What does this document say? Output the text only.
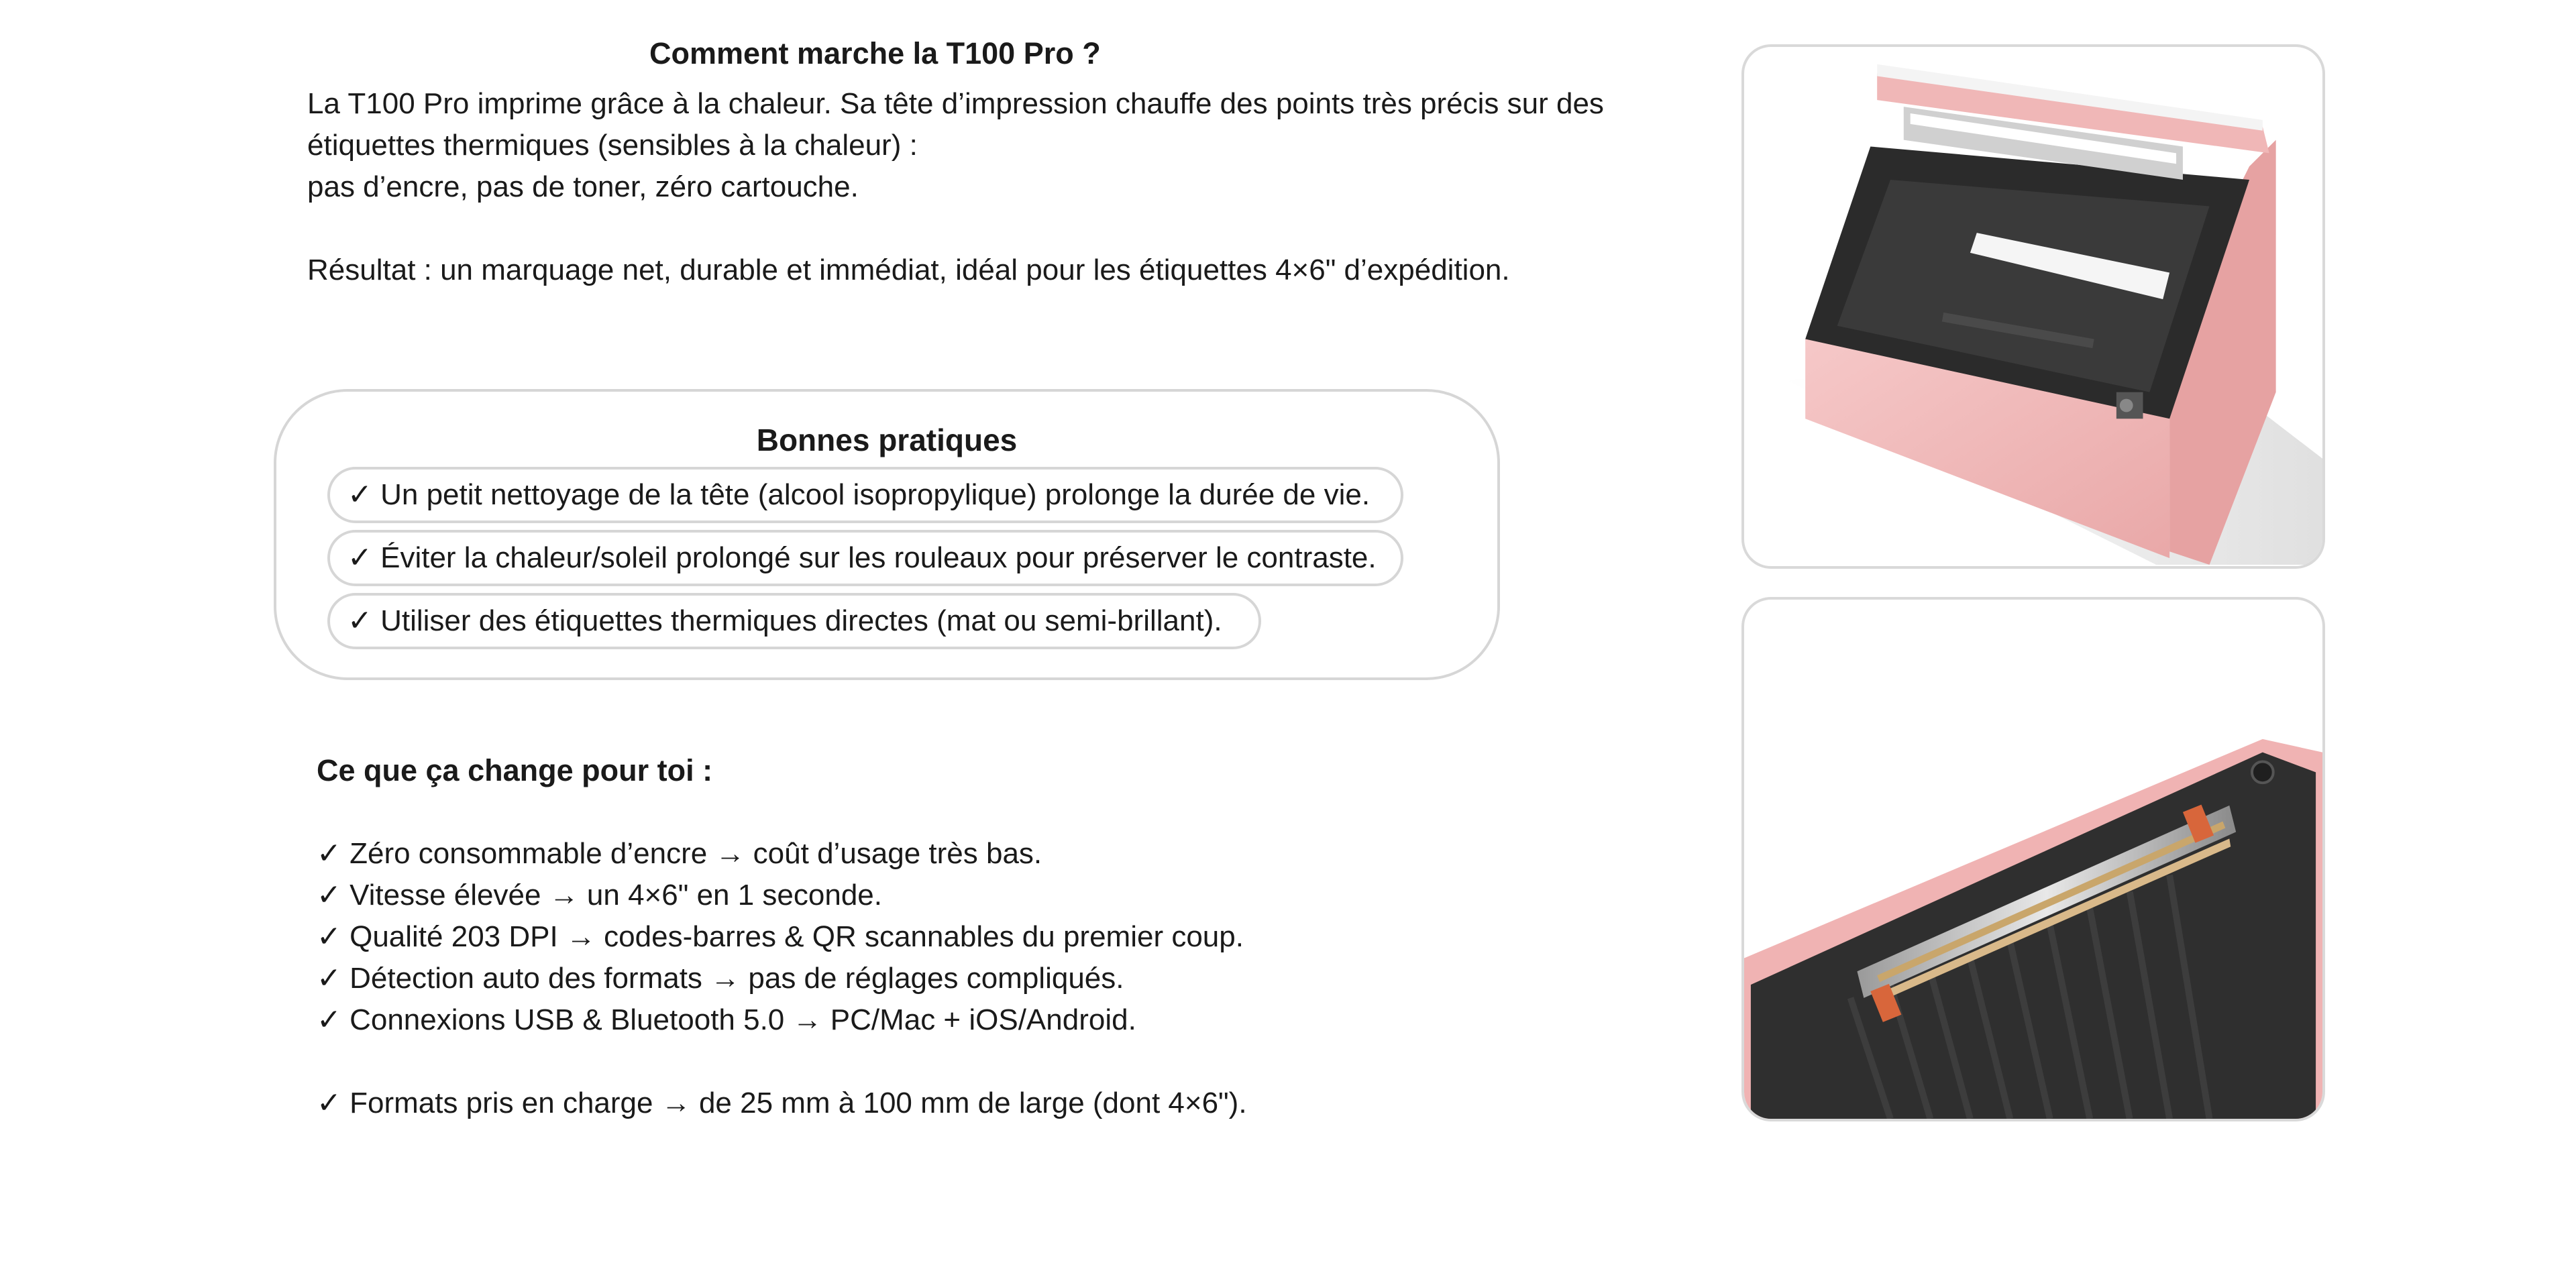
Comment marche la T100 Pro ?

La T100 Pro imprime grâce à la chaleur. Sa tête d’impression chauffe des points très précis sur des

étiquettes thermiques (sensibles à la chaleur) :

pas d’encre, pas de toner, zéro cartouche.

Résultat : un marquage net, durable et immédiat, idéal pour les étiquettes 4×6" d’expédition.

Bonnes pratiques
✓ Un petit nettoyage de la tête (alcool isopropylique) prolonge la durée de vie.
✓ Éviter la chaleur/soleil prolongé sur les rouleaux pour préserver le contraste.
✓ Utiliser des étiquettes thermiques directes (mat ou semi-brillant).
Ce que ça change pour toi :
✓ Zéro consommable d’encre → coût d’usage très bas.
✓ Vitesse élevée → un 4×6" en 1 seconde.
✓ Qualité 203 DPI → codes-barres & QR scannables du premier coup.
✓ Détection auto des formats → pas de réglages compliqués.
✓ Connexions USB & Bluetooth 5.0 → PC/Mac + iOS/Android.
✓ Formats pris en charge → de 25 mm à 100 mm de large (dont 4×6").
